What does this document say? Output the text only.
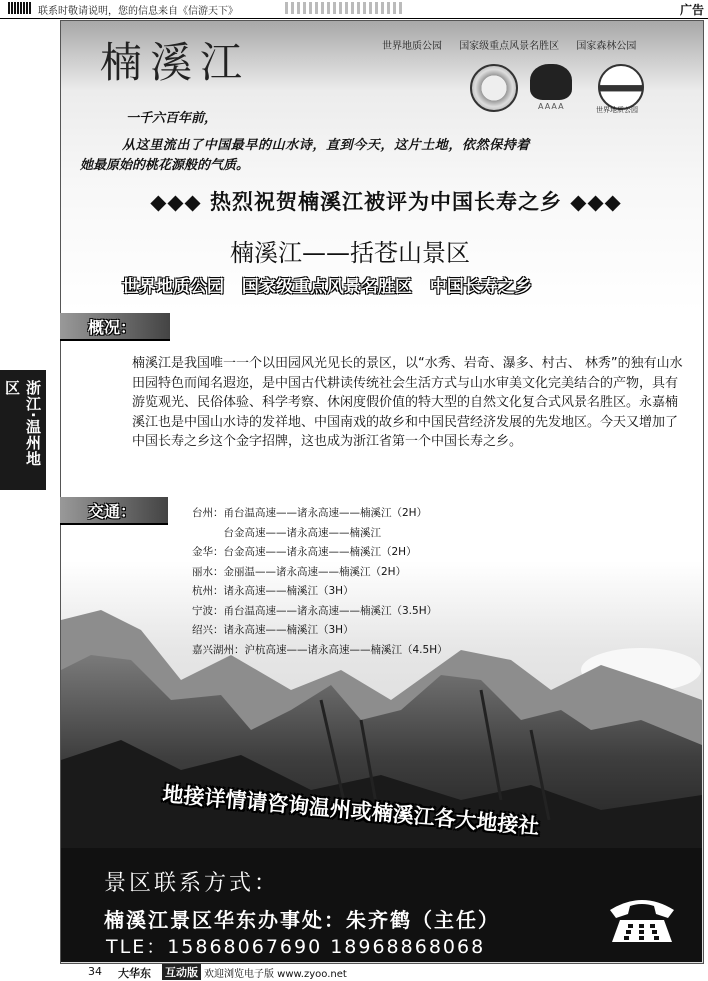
联系时敬请说明，您的信息来自《信游天下》	广告
浙江·温州地区
楠溪江	世界地质公园 国家级重点风景名胜区 国家森林公园
AAAA	世界地质公园
一千六百年前，
从这里流出了中国最早的山水诗，直到今天，这片土地，依然保持着
她最原始的桃花源般的气质。
◆◆◆ 热烈祝贺楠溪江被评为中国长寿之乡 ◆◆◆
楠溪江——括苍山景区
世界地质公园 国家级重点风景名胜区 中国长寿之乡
概况：
楠溪江是我国唯一一个以田园风光见长的景区，以“水秀、岩奇、瀑多、村古、 林秀”的独有山水田园特色而闻名遐迩，是中国古代耕读传统社会生活方式与山水审美文化完美结合的产物，具有游览观光、民俗体验、科学考察、休闲度假价值的特大型的自然文化复合式风景名胜区。永嘉楠溪江也是中国山水诗的发祥地、中国南戏的故乡和中国民营经济发展的先发地区。今天又增加了中国长寿之乡这个金字招牌，这也成为浙江省第一个中国长寿之乡。
交通：	台州：甬台温高速——诸永高速——楠溪江（2H）
　　　台金高速——诸永高速——楠溪江
金华：台金高速——诸永高速——楠溪江（2H）
丽水：金丽温——诸永高速——楠溪江（2H）
杭州：诸永高速——楠溪江（3H）
宁波：甬台温高速——诸永高速——楠溪江（3.5H）
绍兴：诸永高速——楠溪江（3H）
嘉兴湖州：沪杭高速——诸永高速——楠溪江（4.5H）
地接详情请咨询温州或楠溪江各大地接社
景区联系方式：
楠溪江景区华东办事处：朱齐鹤（主任）
TLE：15868067690 18968868068
34 大华东 互动版 欢迎浏览电子版 www.zyoo.net
